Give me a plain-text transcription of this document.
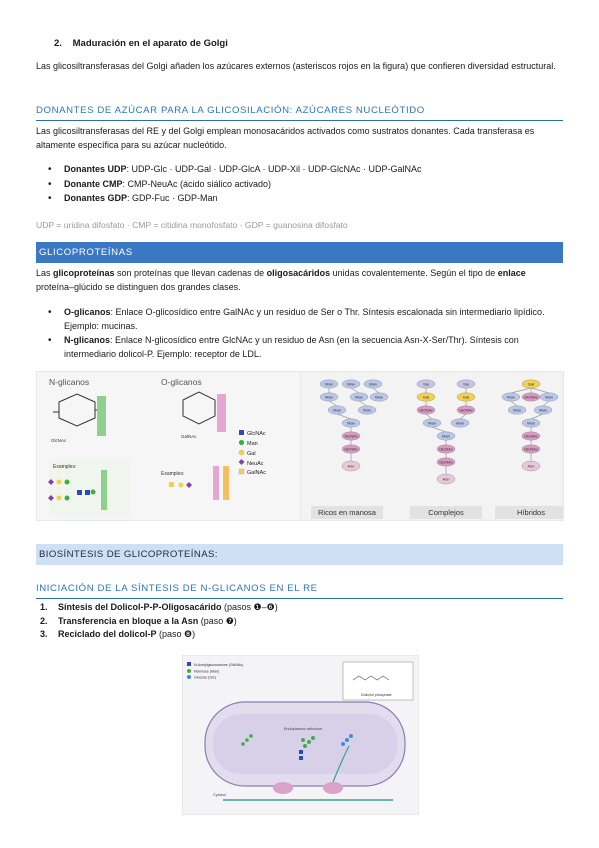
2. Maduración en el aparato de Golgi
Las glicosiltransferasas del Golgi añaden los azúcares externos (asteriscos rojos en la figura) que confieren diversidad estructural.
DONANTES DE AZÚCAR PARA LA GLICOSILACIÓN: AZÚCARES NUCLEÓTIDO
Las glicosiltransferasas del RE y del Golgi emplean monosacáridos activados como sustratos donantes. Cada transferasa es altamente específica para su azúcar nucleótido.
• Donantes UDP: UDP-Glc · UDP-Gal · UDP-GlcA · UDP-Xil · UDP-GlcNAc · UDP-GalNAc
• Donante CMP: CMP-NeuAc (ácido siálico activado)
• Donantes GDP: GDP-Fuc · GDP-Man
UDP = uridina difosfato · CMP = citidina monofosfato · GDP = guanosina difosfato
GLICOPROTEÍNAS
Las glicoproteínas son proteínas que llevan cadenas de oligosacáridos unidas covalentemente. Según el tipo de enlace proteína–glúcido se distinguen dos grandes clases.
• O-glicanos: Enlace O-glicosídico entre GalNAc y un residuo de Ser o Thr. Síntesis escalonada sin intermediario lipídico. Ejemplo: mucinas.
• N-glicanos: Enlace N-glicosídico entre GlcNAc y un residuo de Asn (en la secuencia Asn-X-Ser/Thr). Síntesis con intermediario dolicol-P. Ejemplo: receptor de LDL.
N-glicanos	O-glicanos
GlcNAc
GalNAc	GlcNAc
Man
Gal
NeuAc
GalNAc
Examples:
Examples:
Man	Man	Man
Man	Man	Man
Man	Man
Man
GlcNAc
GlcNAc
Asn
Sia	Sia
Gal	Gal
GlcNAc	GlcNAc
Man	Man
Man
GlcNAc
GlcNAc
Asn
Gal
GlcNAc
Man	Man
Man	Man
Man
GlcNAc
GlcNAc
Asn
Ricos en manosa	Complejos	Híbridos
BIOSÍNTESIS DE GLICOPROTEÍNAS:
INICIACIÓN DE LA SÍNTESIS DE N-GLICANOS EN EL RE
1. Síntesis del Dolicol-P-P-Oligosacárido (pasos ❶–❻)
2. Transferencia en bloque a la Asn (paso ❼)
3. Reciclado del dolicol-P (paso ❽)
N-Acetylglucosamine (GlcNAc)
Mannose (Man)
Glucose (Glc)
Dolichol phosphate
Endoplasmic reticulum
Cytosol
